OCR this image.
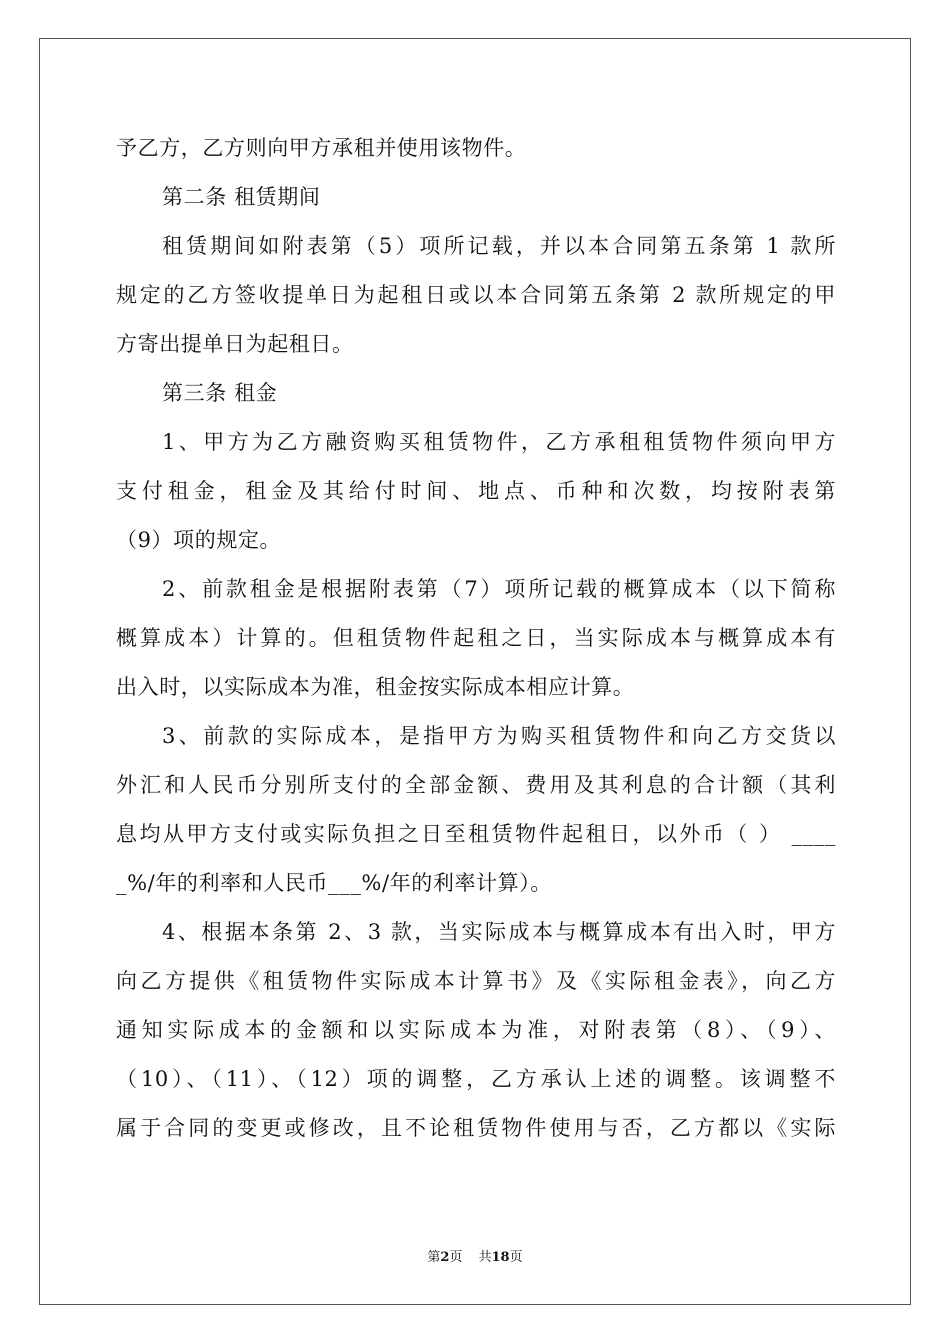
予乙方，乙方则向甲方承租并使用该物件。
第二条 租赁期间
租赁期间如附表第（5）项所记载，并以本合同第五条第 1 款所
规定的乙方签收提单日为起租日或以本合同第五条第 2 款所规定的甲
方寄出提单日为起租日。
第三条 租金
1、甲方为乙方融资购买租赁物件，乙方承租租赁物件须向甲方
支付租金，租金及其给付时间、地点、币种和次数，均按附表第
（9）项的规定。
2、前款租金是根据附表第（7）项所记载的概算成本（以下简称
概算成本）计算的。但租赁物件起租之日，当实际成本与概算成本有
出入时，以实际成本为准，租金按实际成本相应计算。
3、前款的实际成本，是指甲方为购买租赁物件和向乙方交货以
外汇和人民币分别所支付的全部金额、费用及其利息的合计额（其利
息均从甲方支付或实际负担之日至租赁物件起租日，以外币（ ） ____
_%/年的利率和人民币___%/年的利率计算）。
4、根据本条第 2、3 款，当实际成本与概算成本有出入时，甲方
向乙方提供《租赁物件实际成本计算书》及《实际租金表》，向乙方
通知实际成本的金额和以实际成本为准，对附表第（8）、（9）、
（10）、（11）、（12）项的调整，乙方承认上述的调整。该调整不
属于合同的变更或修改，且不论租赁物件使用与否，乙方都以《实际
第2页 共18页
